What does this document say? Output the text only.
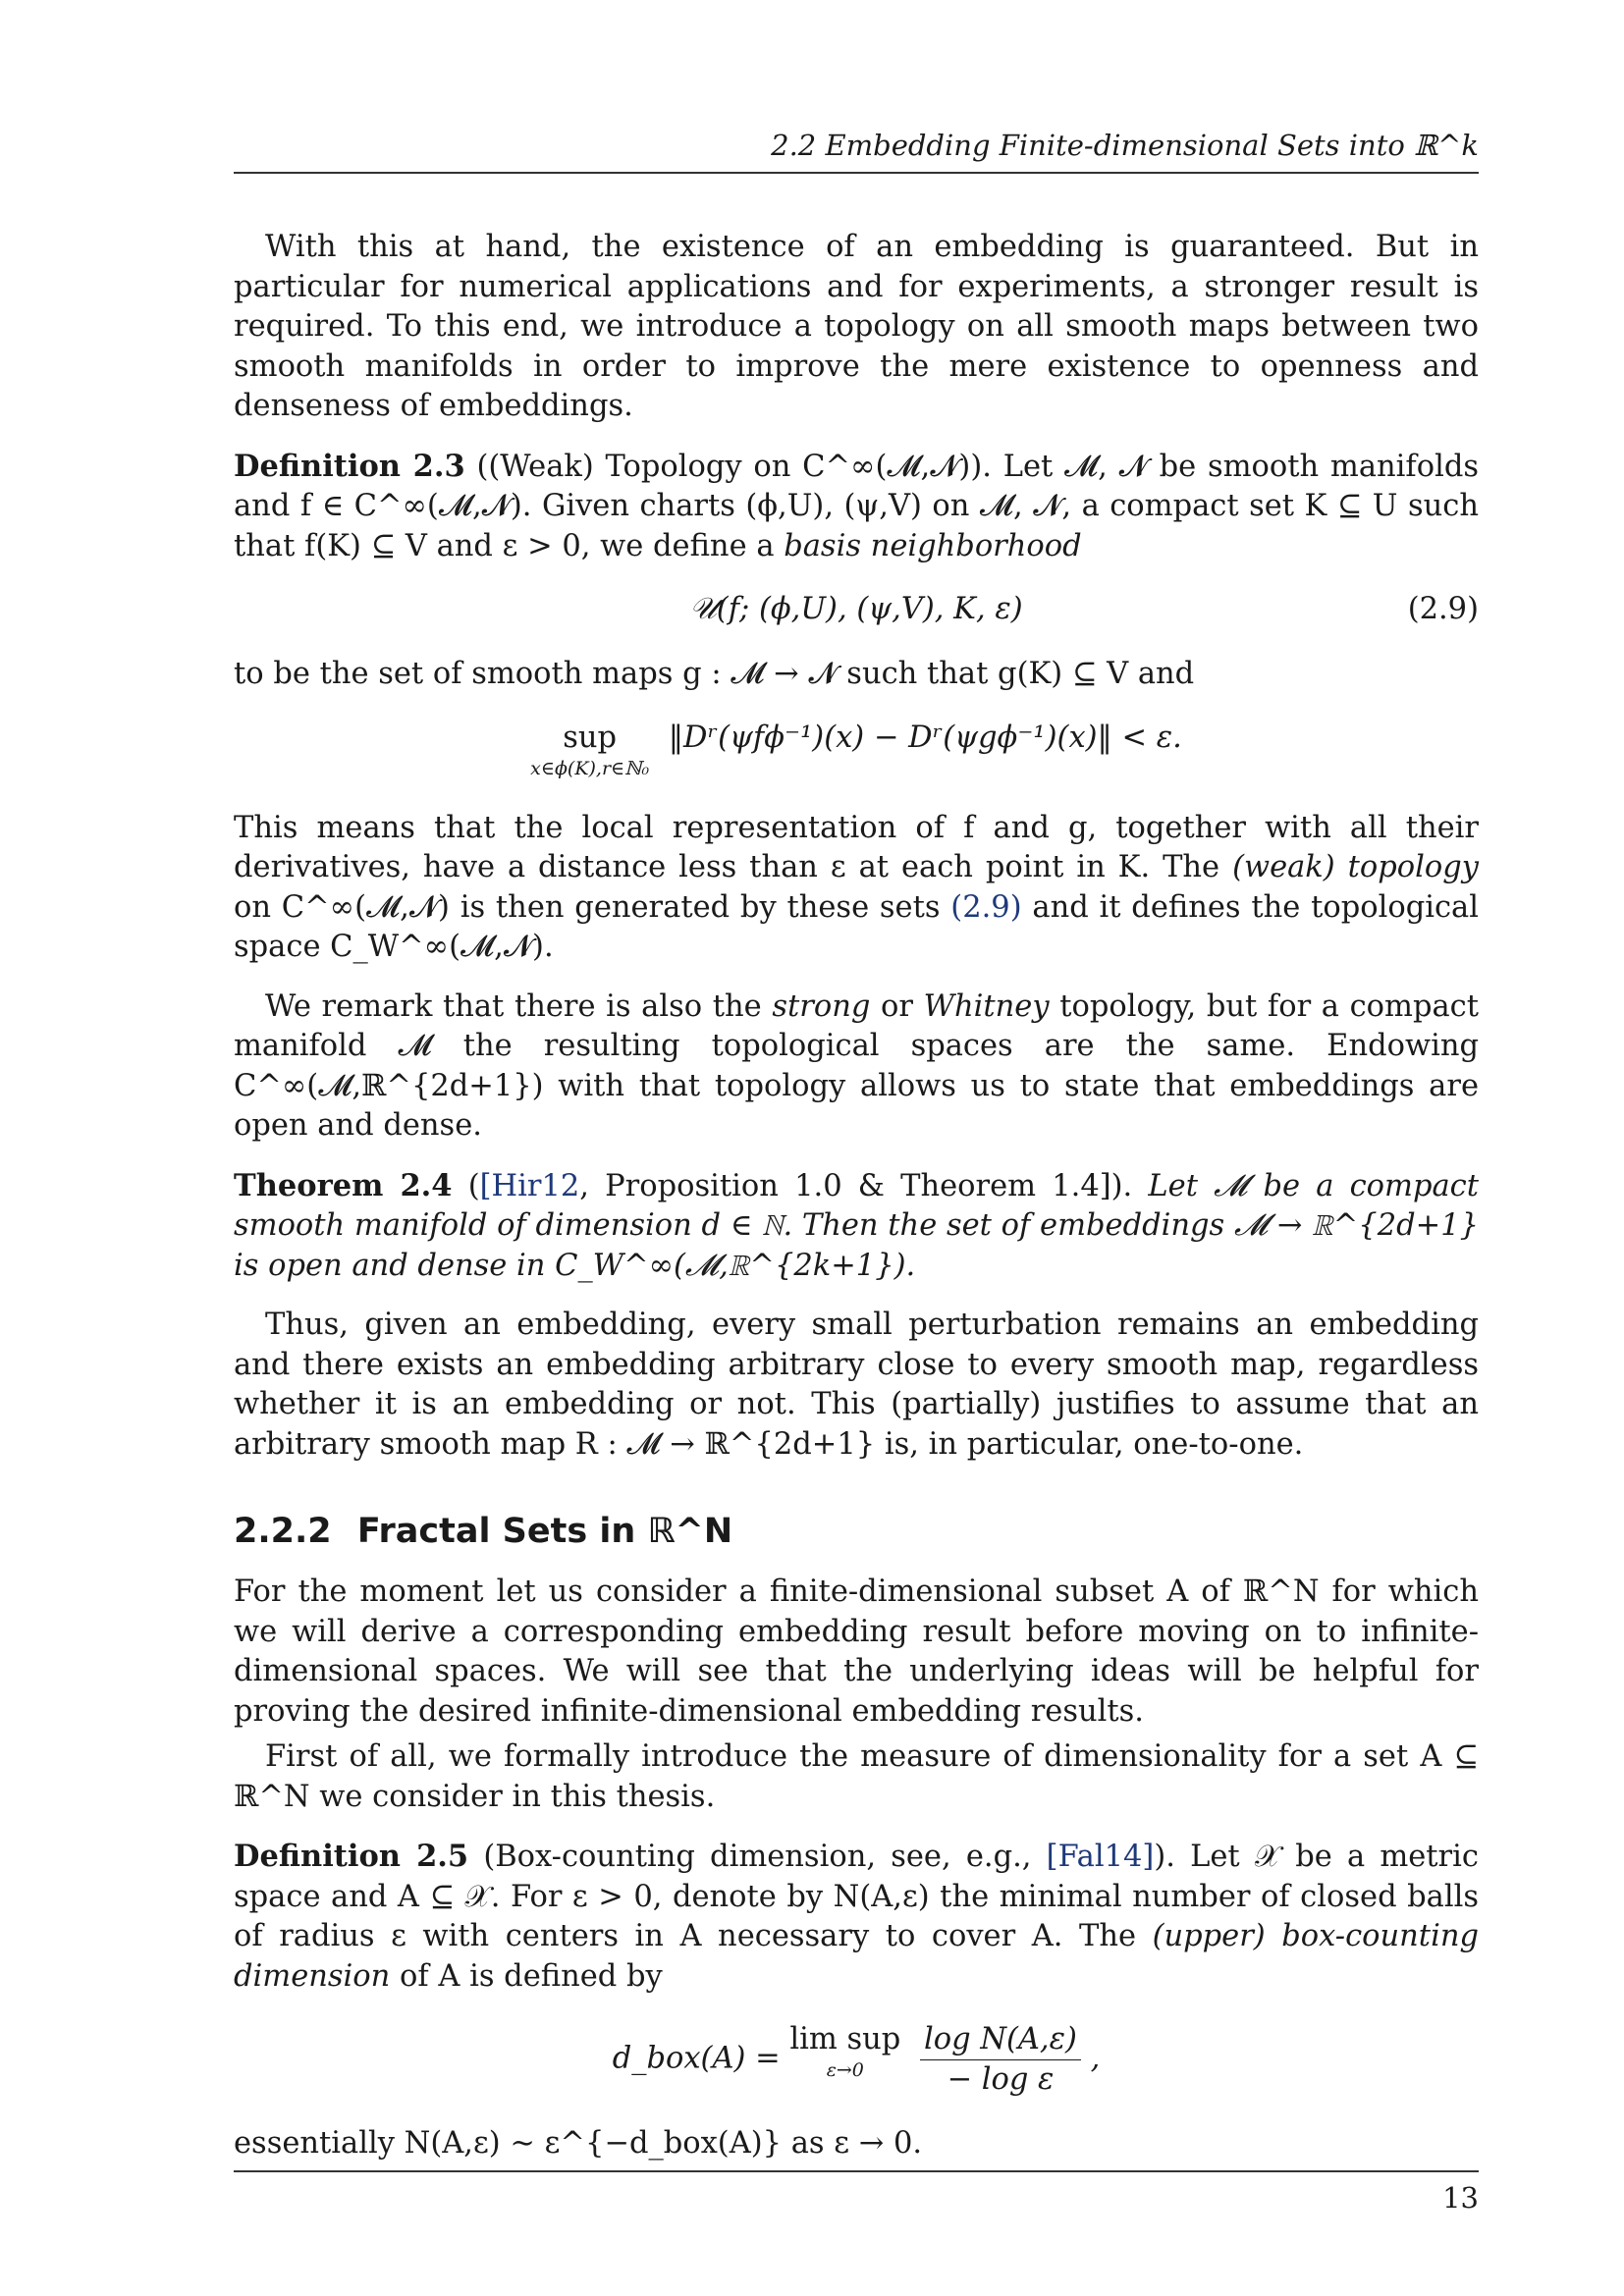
2.2 Embedding Finite-dimensional Sets into ℝ^k

With this at hand, the existence of an embedding is guaranteed. But in particular for numerical applications and for experiments, a stronger result is required. To this end, we introduce a topology on all smooth maps between two smooth manifolds in order to improve the mere existence to openness and denseness of embeddings.

Definition 2.3 ((Weak) Topology on C^∞(𝓜,𝓝)). Let 𝓜, 𝓝 be smooth manifolds and f ∈ C^∞(𝓜,𝓝). Given charts (ϕ,U), (ψ,V) on 𝓜, 𝓝, a compact set K ⊆ U such that f(K) ⊆ V and ε > 0, we define a basis neighborhood

𝒰(f; (ϕ,U), (ψ,V), K, ε)	(2.9)

to be the set of smooth maps g : 𝓜 → 𝓝 such that g(K) ⊆ V and

sup
x∈ϕ(K),r∈ℕ₀
‖Dʳ(ψfϕ⁻¹)(x) − Dʳ(ψgϕ⁻¹)(x)‖ < ε.

This means that the local representation of f and g, together with all their derivatives, have a distance less than ε at each point in K. The (weak) topology on C^∞(𝓜,𝓝) is then generated by these sets (2.9) and it defines the topological space C_W^∞(𝓜,𝓝).

We remark that there is also the strong or Whitney topology, but for a compact manifold 𝓜 the resulting topological spaces are the same. Endowing C^∞(𝓜,ℝ^{2d+1}) with that topology allows us to state that embeddings are open and dense.

Theorem 2.4 ([Hir12, Proposition 1.0 & Theorem 1.4]). Let 𝓜 be a compact smooth manifold of dimension d ∈ ℕ. Then the set of embeddings 𝓜 → ℝ^{2d+1} is open and dense in C_W^∞(𝓜,ℝ^{2k+1}).

Thus, given an embedding, every small perturbation remains an embedding and there exists an embedding arbitrary close to every smooth map, regardless whether it is an embedding or not. This (partially) justifies to assume that an arbitrary smooth map R : 𝓜 → ℝ^{2d+1} is, in particular, one-to-one.

2.2.2 Fractal Sets in ℝ^N

For the moment let us consider a finite-dimensional subset A of ℝ^N for which we will derive a corresponding embedding result before moving on to infinite-dimensional spaces. We will see that the underlying ideas will be helpful for proving the desired infinite-dimensional embedding results.

First of all, we formally introduce the measure of dimensionality for a set A ⊆ ℝ^N we consider in this thesis.

Definition 2.5 (Box-counting dimension, see, e.g., [Fal14]). Let 𝒳 be a metric space and A ⊆ 𝒳. For ε > 0, denote by N(A,ε) the minimal number of closed balls of radius ε with centers in A necessary to cover A. The (upper) box-counting dimension of A is defined by

d_box(A) = lim sup
ε→0
	$\frac{\text{log N(A,ε)}}{\text{− log ε}}$ ,

essentially N(A,ε) ∼ ε^{−d_box(A)} as ε → 0.

13
